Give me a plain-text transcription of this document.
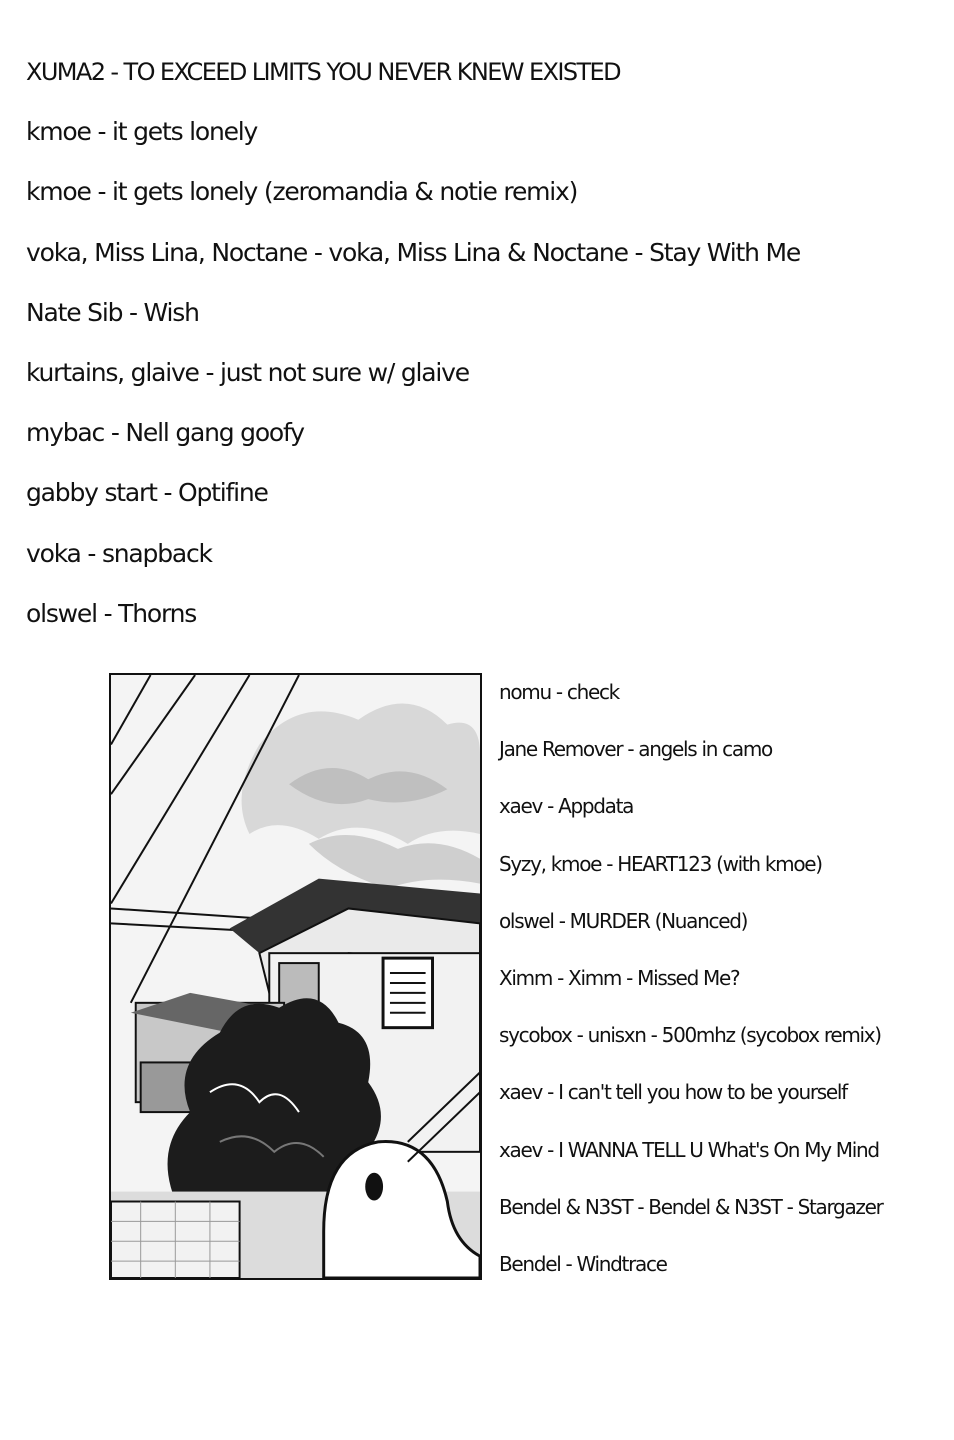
XUMA2 - TO EXCEED LIMITS YOU NEVER KNEW EXISTED
kmoe - it gets lonely
kmoe - it gets lonely (zeromandia & notie remix)
voka, Miss Lina, Noctane - voka, Miss Lina & Noctane - Stay With Me
Nate Sib - Wish
kurtains, glaive - just not sure w/ glaive
mybac - Nell gang goofy
gabby start - Optifine
voka - snapback
olswel - Thorns
nomu - check
Jane Remover - angels in camo
xaev - Appdata
Syzy, kmoe - HEART123 (with kmoe)
olswel - MURDER (Nuanced)
Ximm - Ximm - Missed Me?
sycobox - unisxn - 500mhz (sycobox remix)
xaev - I can't tell you how to be yourself
xaev - I WANNA TELL U What's On My Mind
Bendel & N3ST - Bendel & N3ST - Stargazer
Bendel - Windtrace
